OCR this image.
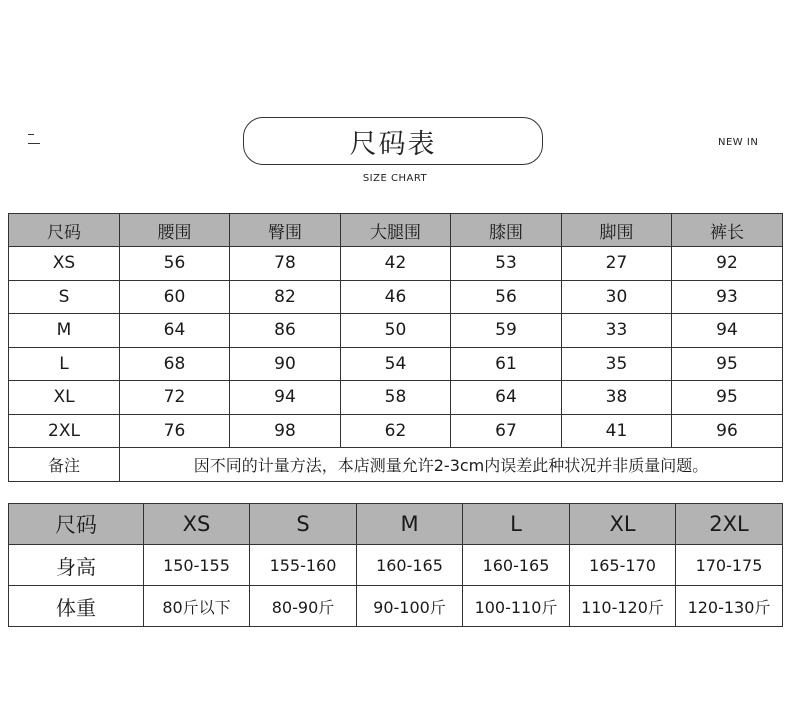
尺码表
SIZE CHART
NEW IN
尺码	腰围	臀围	大腿围	膝围	脚围	裤长
XS	56	78	42	53	27	92
S	60	82	46	56	30	93
M	64	86	50	59	33	94
L	68	90	54	61	35	95
XL	72	94	58	64	38	95
2XL	76	98	62	67	41	96
备注	因不同的计量方法，本店测量允许2-3cm内误差此种状况并非质量问题。					
尺码	XS	S	M	L	XL	2XL
身高	150-155	155-160	160-165	160-165	165-170	170-175
体重	80斤以下	80-90斤	90-100斤	100-110斤	110-120斤	120-130斤
